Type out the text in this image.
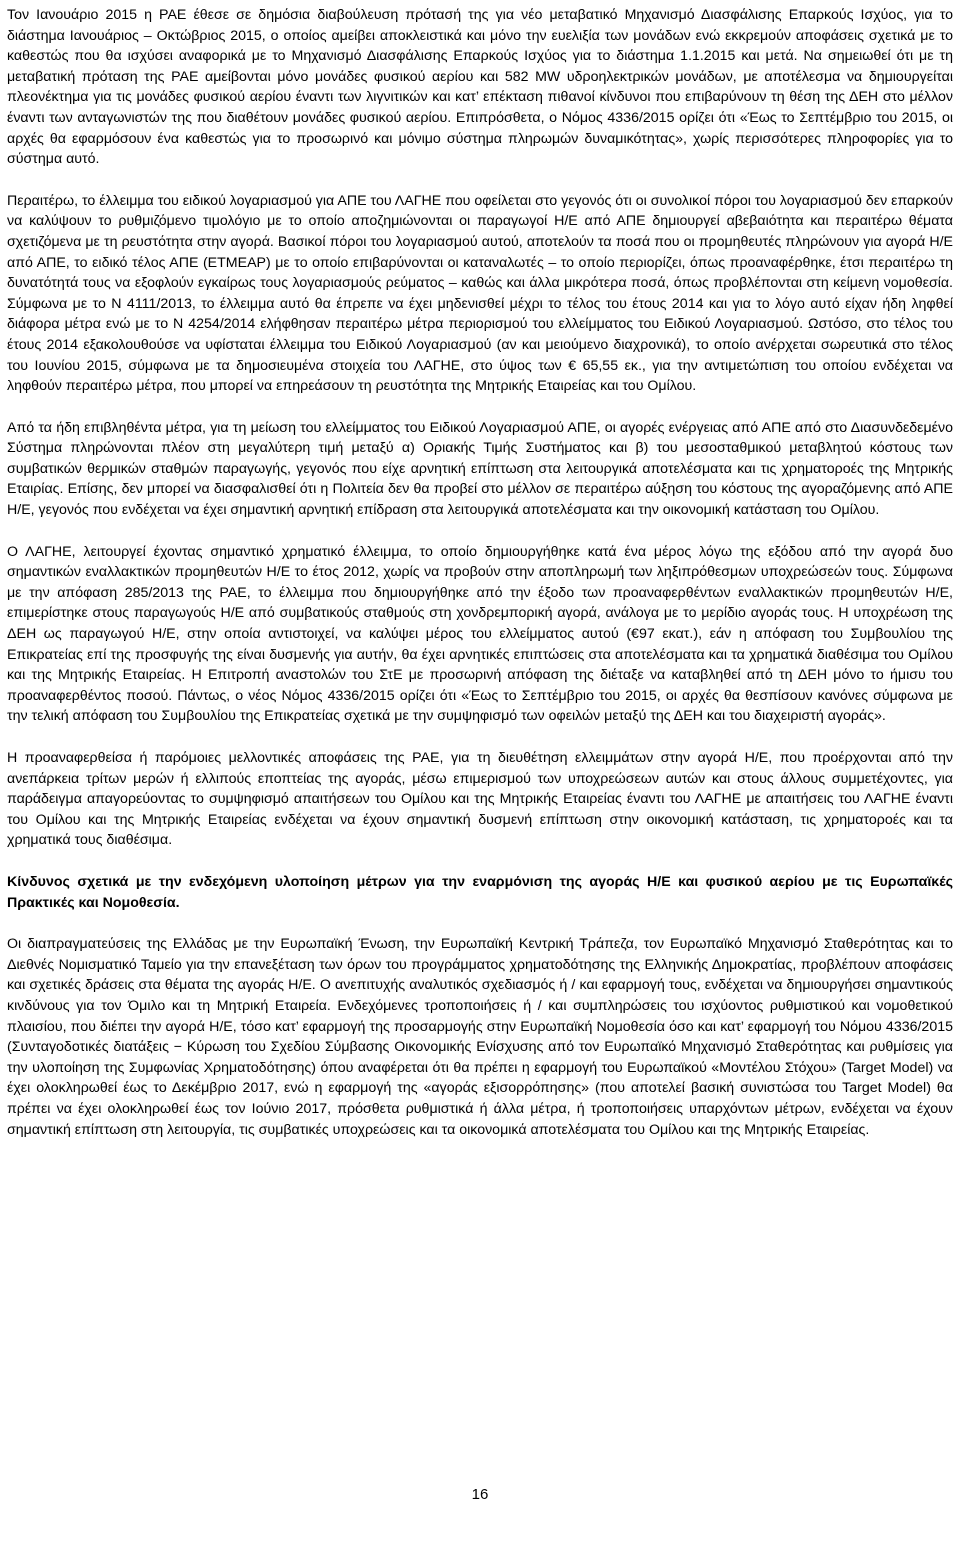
Τον Ιανουάριο 2015 η ΡΑΕ έθεσε σε δημόσια διαβούλευση πρότασή της για νέο μεταβατικό Μηχανισμό Διασφάλισης Επαρκούς Ισχύος, για το διάστημα Ιανουάριος – Οκτώβριος 2015, ο οποίος αμείβει αποκλειστικά και μόνο την ευελιξία των μονάδων ενώ εκκρεμούν αποφάσεις σχετικά με το καθεστώς που θα ισχύσει αναφορικά με το Μηχανισμό Διασφάλισης Επαρκούς Ισχύος για το διάστημα 1.1.2015 και μετά. Να σημειωθεί ότι με τη μεταβατική πρόταση της ΡΑΕ αμείβονται μόνο μονάδες φυσικού αερίου και 582 MW υδροηλεκτρικών μονάδων, με αποτέλεσμα να δημιουργείται πλεονέκτημα για τις μονάδες φυσικού αερίου έναντι των λιγνιτικών και κατ’ επέκταση πιθανοί κίνδυνοι που επιβαρύνουν τη θέση της ΔΕΗ στο μέλλον έναντι των ανταγωνιστών της που διαθέτουν μονάδες φυσικού αερίου. Επιπρόσθετα, ο Νόμος 4336/2015 ορίζει ότι «Έως το Σεπτέμβριο του 2015, οι αρχές θα εφαρμόσουν ένα καθεστώς για το προσωρινό και μόνιμο σύστημα πληρωμών δυναμικότητας», χωρίς περισσότερες πληροφορίες για το σύστημα αυτό.

Περαιτέρω, το έλλειμμα του ειδικού λογαριασμού για ΑΠΕ του ΛΑΓΗΕ που οφείλεται στο γεγονός ότι οι συνολικοί πόροι του λογαριασμού δεν επαρκούν να καλύψουν το ρυθμιζόμενο τιμολόγιο με το οποίο αποζημιώνονται οι παραγωγοί Η/Ε από ΑΠΕ δημιουργεί αβεβαιότητα και περαιτέρω θέματα σχετιζόμενα με τη ρευστότητα στην αγορά. Βασικοί πόροι του λογαριασμού αυτού, αποτελούν τα ποσά που οι προμηθευτές πληρώνουν για αγορά Η/Ε από ΑΠΕ, το ειδικό τέλος ΑΠΕ (ΕΤΜΕΑΡ) με το οποίο επιβαρύνονται οι καταναλωτές – το οποίο περιορίζει, όπως προαναφέρθηκε, έτσι περαιτέρω τη δυνατότητά τους να εξοφλούν εγκαίρως τους λογαριασμούς ρεύματος – καθώς και άλλα μικρότερα ποσά, όπως προβλέπονται στη κείμενη νομοθεσία. Σύμφωνα με το Ν 4111/2013, το έλλειμμα αυτό θα έπρεπε να έχει μηδενισθεί μέχρι το τέλος του έτους 2014 και για το λόγο αυτό είχαν ήδη ληφθεί διάφορα μέτρα ενώ με το Ν 4254/2014 ελήφθησαν περαιτέρω μέτρα περιορισμού του ελλείμματος του Ειδικού Λογαριασμού. Ωστόσο, στο τέλος του έτους 2014 εξακολουθούσε να υφίσταται έλλειμμα του Ειδικού Λογαριασμού (αν και μειούμενο διαχρονικά), το οποίο ανέρχεται σωρευτικά στο τέλος του Ιουνίου 2015, σύμφωνα με τα δημοσιευμένα στοιχεία του ΛΑΓΗΕ, στο ύψος των € 65,55 εκ., για την αντιμετώπιση του οποίου ενδέχεται να ληφθούν περαιτέρω μέτρα, που μπορεί να επηρεάσουν τη ρευστότητα της Μητρικής Εταιρείας και του Ομίλου.

Από τα ήδη επιβληθέντα μέτρα, για τη μείωση του ελλείμματος του Ειδικού Λογαριασμού ΑΠΕ, οι αγορές ενέργειας από ΑΠΕ από στο Διασυνδεδεμένο Σύστημα πληρώνονται πλέον στη μεγαλύτερη τιμή μεταξύ α) Οριακής Τιμής Συστήματος και β) του μεσοσταθμικού μεταβλητού κόστους των συμβατικών θερμικών σταθμών παραγωγής, γεγονός που είχε αρνητική επίπτωση στα λειτουργικά αποτελέσματα και τις χρηματοροές της Μητρικής Εταιρίας. Επίσης, δεν μπορεί να διασφαλισθεί ότι η Πολιτεία δεν θα προβεί στο μέλλον σε περαιτέρω αύξηση του κόστους της αγοραζόμενης από ΑΠΕ Η/Ε, γεγονός που ενδέχεται να έχει σημαντική αρνητική επίδραση στα λειτουργικά αποτελέσματα και την οικονομική κατάσταση του Ομίλου.

Ο ΛΑΓΗΕ, λειτουργεί έχοντας σημαντικό χρηματικό έλλειμμα, το οποίο δημιουργήθηκε κατά ένα μέρος λόγω της εξόδου από την αγορά δυο σημαντικών εναλλακτικών προμηθευτών Η/Ε το έτος 2012, χωρίς να προβούν στην αποπληρωμή των ληξιπρόθεσμων υποχρεώσεών τους. Σύμφωνα με την απόφαση 285/2013 της ΡΑΕ, το έλλειμμα που δημιουργήθηκε από την έξοδο των προαναφερθέντων εναλλακτικών προμηθευτών Η/Ε, επιμερίστηκε στους παραγωγούς Η/Ε από συμβατικούς σταθμούς στη χονδρεμπορική αγορά, ανάλογα με το μερίδιο αγοράς τους. Η υποχρέωση της ΔΕΗ ως παραγωγού Η/Ε, στην οποία αντιστοιχεί, να καλύψει μέρος του ελλείμματος αυτού (€97 εκατ.), εάν η απόφαση του Συμβουλίου της Επικρατείας επί της προσφυγής της είναι δυσμενής για αυτήν, θα έχει αρνητικές επιπτώσεις στα αποτελέσματα και τα χρηματικά διαθέσιμα του Ομίλου και της Μητρικής Εταιρείας. Η Επιτροπή αναστολών του ΣτΕ με προσωρινή απόφαση της διέταξε να καταβληθεί από τη ΔΕΗ μόνο το ήμισυ του προαναφερθέντος ποσού. Πάντως, ο νέος Νόμος 4336/2015 ορίζει ότι «Έως το Σεπτέμβριο του 2015, οι αρχές θα θεσπίσουν κανόνες σύμφωνα με την τελική απόφαση του Συμβουλίου της Επικρατείας σχετικά με την συμψηφισμό των οφειλών μεταξύ της ΔΕΗ και του διαχειριστή αγοράς».

Η προαναφερθείσα ή παρόμοιες μελλοντικές αποφάσεις της ΡΑΕ, για τη διευθέτηση ελλειμμάτων στην αγορά Η/Ε, που προέρχονται από την ανεπάρκεια τρίτων μερών ή ελλιπούς εποπτείας της αγοράς, μέσω επιμερισμού των υποχρεώσεων αυτών και στους άλλους συμμετέχοντες, για παράδειγμα απαγορεύοντας το συμψηφισμό απαιτήσεων του Ομίλου και της Μητρικής Εταιρείας έναντι του ΛΑΓΗΕ με απαιτήσεις του ΛΑΓΗΕ έναντι του Ομίλου και της Μητρικής Εταιρείας ενδέχεται να έχουν σημαντική δυσμενή επίπτωση στην οικονομική κατάσταση, τις χρηματοροές και τα χρηματικά τους διαθέσιμα.

Κίνδυνος σχετικά με την ενδεχόμενη υλοποίηση μέτρων για την εναρμόνιση της αγοράς Η/Ε και φυσικού αερίου με τις Ευρωπαϊκές Πρακτικές και Νομοθεσία.

Οι διαπραγματεύσεις της Ελλάδας με την Ευρωπαϊκή Ένωση, την Ευρωπαϊκή Κεντρική Τράπεζα, τον Ευρωπαϊκό Μηχανισμό Σταθερότητας και το Διεθνές Νομισματικό Ταμείο για την επανεξέταση των όρων του προγράμματος χρηματοδότησης της Ελληνικής Δημοκρατίας, προβλέπουν αποφάσεις και σχετικές δράσεις στα θέματα της αγοράς Η/Ε. Ο ανεπιτυχής αναλυτικός σχεδιασμός ή / και εφαρμογή τους, ενδέχεται να δημιουργήσει σημαντικούς κινδύνους για τον Όμιλο και τη Μητρική Εταιρεία. Ενδεχόμενες τροποποιήσεις ή / και συμπληρώσεις του ισχύοντος ρυθμιστικού και νομοθετικού πλαισίου, που διέπει την αγορά Η/Ε, τόσο κατ’ εφαρμογή της προσαρμογής στην Ευρωπαϊκή Νομοθεσία όσο και κατ’ εφαρμογή του Νόμου 4336/2015 (Συνταγοδοτικές διατάξεις − Κύρωση του Σχεδίου Σύμβασης Οικονομικής Ενίσχυσης από τον Ευρωπαϊκό Μηχανισμό Σταθερότητας και ρυθμίσεις για την υλοποίηση της Συμφωνίας Χρηματοδότησης) όπου αναφέρεται ότι θα πρέπει η εφαρμογή του Ευρωπαϊκού «Μοντέλου Στόχου» (Target Model) να έχει ολοκληρωθεί έως το Δεκέμβριο 2017, ενώ η εφαρμογή της «αγοράς εξισορρόπησης» (που αποτελεί βασική συνιστώσα του Target Model) θα πρέπει να έχει ολοκληρωθεί έως τον Ιούνιο 2017, πρόσθετα ρυθμιστικά ή άλλα μέτρα, ή τροποποιήσεις υπαρχόντων μέτρων, ενδέχεται να έχουν σημαντική επίπτωση στη λειτουργία, τις συμβατικές υποχρεώσεις και τα οικονομικά αποτελέσματα του Ομίλου και της Μητρικής Εταιρείας.

16
